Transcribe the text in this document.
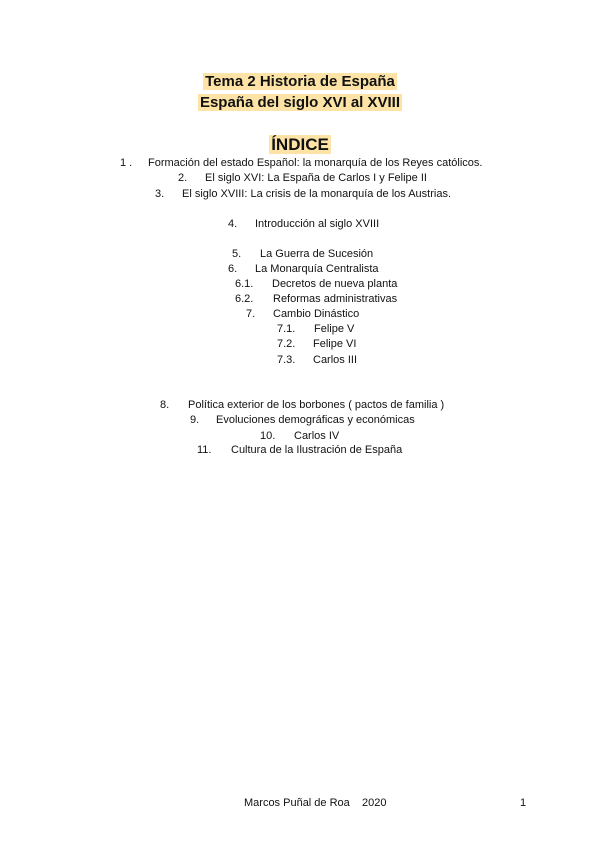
Tema 2 Historia de España
España del siglo XVI al XVIII
ÍNDICE
1 . Formación del estado Español: la monarquía de los Reyes católicos.
2. El siglo XVI: La España de Carlos I y Felipe II
3. El siglo XVIII: La crisis de la monarquía de los Austrias.
4. Introducción al siglo XVIII
5. La Guerra de Sucesión
6. La Monarquía Centralista
6.1. Decretos de nueva planta
6.2. Reformas administrativas
7. Cambio Dinástico
7.1. Felipe V
7.2. Felipe VI
7.3. Carlos III
8. Política exterior de los borbones ( pactos de familia )
9. Evoluciones demográficas y económicas
10. Carlos IV
11. Cultura de la Ilustración de España
Marcos Puñal de Roa    2020	1
